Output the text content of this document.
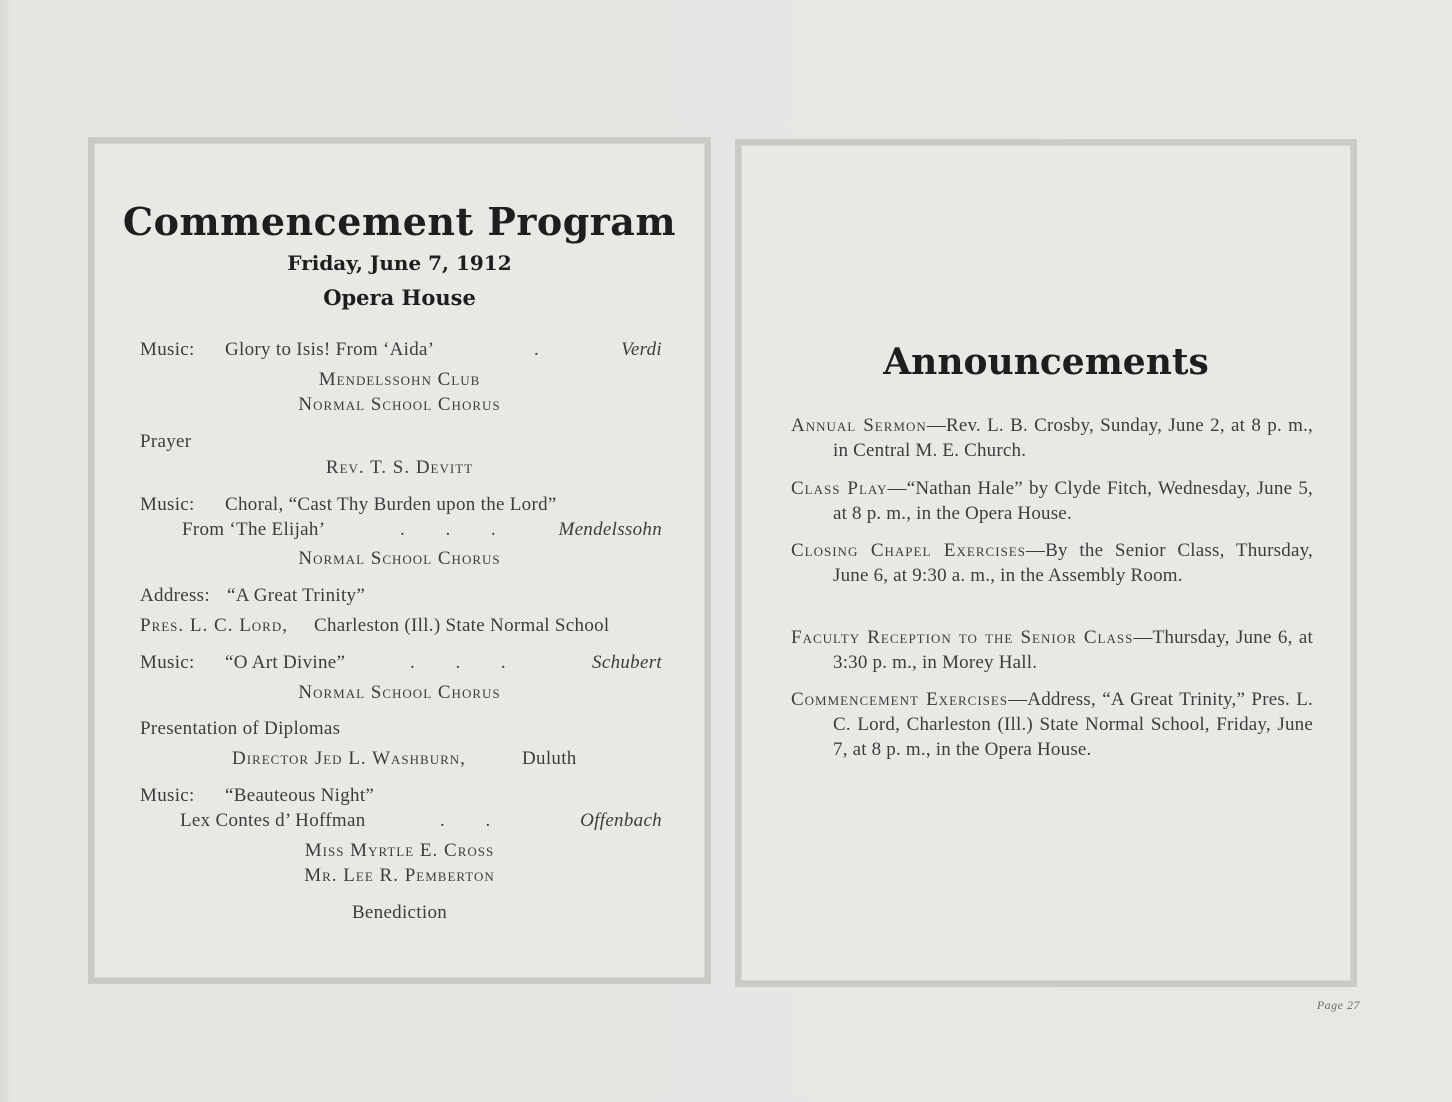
Commencement Program
Friday, June 7, 1912
Opera House
Music: Glory to Isis! From ‘Aida’	.	Verdi
Mendelssohn Club
Normal School Chorus
Prayer
Rev. T. S. Devitt
Music: Choral, “Cast Thy Burden upon the Lord”
From ‘The Elijah’	.        .        .	Mendelssohn
Normal School Chorus
Address: “A Great Trinity”
Pres. L. C. Lord, Charleston (Ill.) State Normal School
Music: “O Art Divine”	.        .        .	Schubert
Normal School Chorus
Presentation of Diplomas
Director Jed L. Washburn,	Duluth
Music: “Beauteous Night”
Lex Contes d’ Hoffman	.        .	Offenbach
Miss Myrtle E. Cross
Mr. Lee R. Pemberton
Benediction
Announcements
Annual Sermon—Rev. L. B. Crosby, Sunday, June 2, at 8 p. m., in Central M. E. Church.
Class Play—“Nathan Hale” by Clyde Fitch, Wednesday, June 5, at 8 p. m., in the Opera House.
Closing Chapel Exercises—By the Senior Class, Thursday, June 6, at 9:30 a. m., in the Assembly Room.
Faculty Reception to the Senior Class—Thursday, June 6, at 3:30 p. m., in Morey Hall.
Commencement Exercises—Address, “A Great Trinity,” Pres. L. C. Lord, Charleston (Ill.) State Normal School, Friday, June 7, at 8 p. m., in the Opera House.
Page 27
